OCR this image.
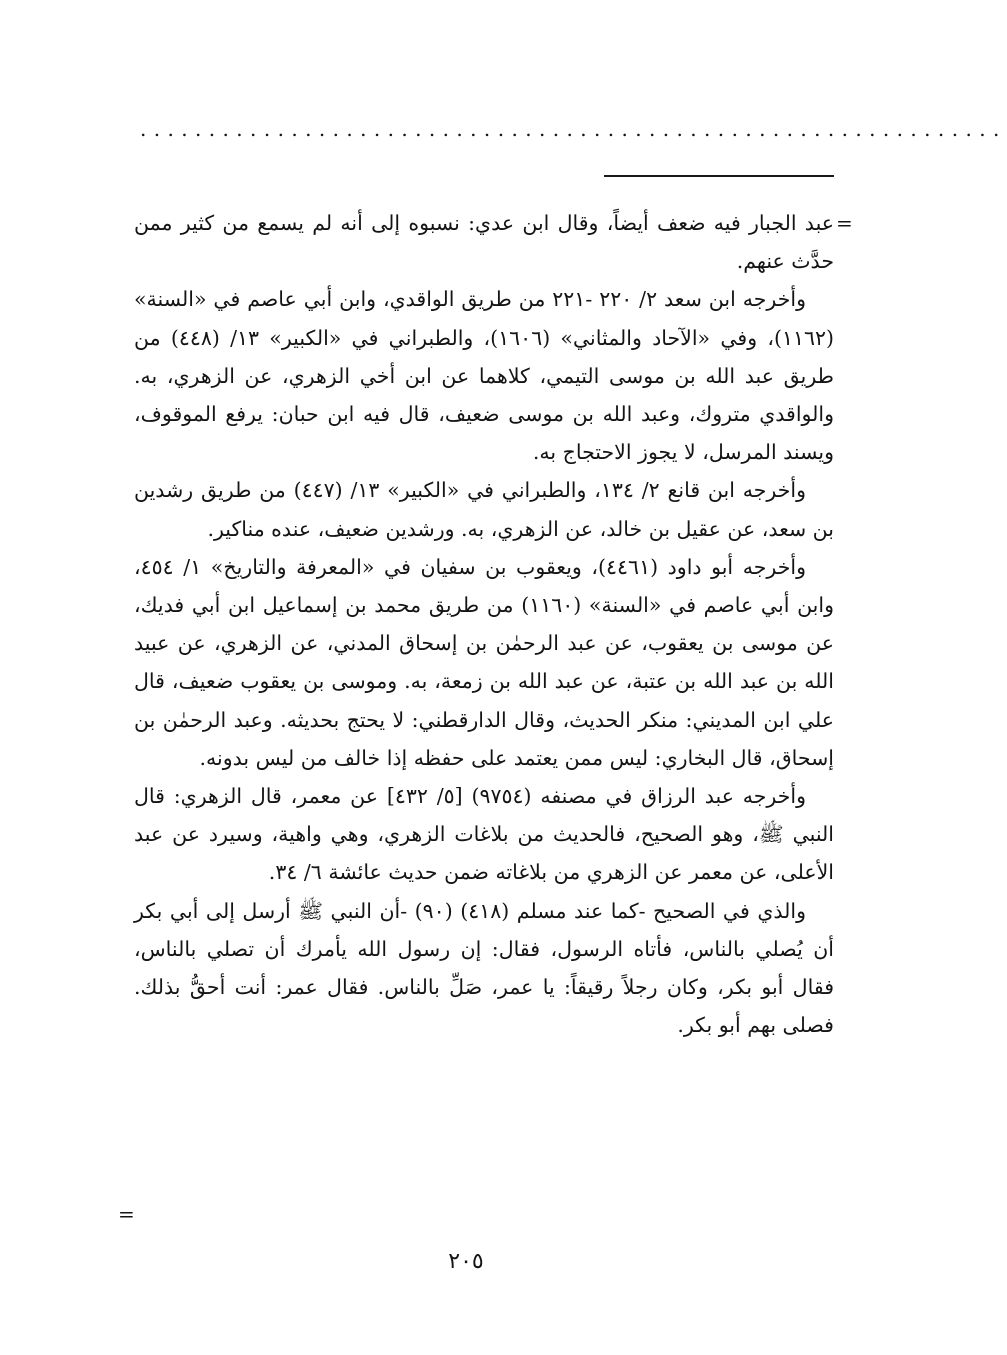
...............................................................
=

عبد الجبار فيه ضعف أيضاً، وقال ابن عدي: نسبوه إلى أنه لم يسمع من كثير ممن حدَّث عنهم.

وأخرجه ابن سعد ٢/ ٢٢٠ -٢٢١ من طريق الواقدي، وابن أبي عاصم في «السنة» (١١٦٢)، وفي «الآحاد والمثاني» (١٦٠٦)، والطبراني في «الكبير» ١٣/ (٤٤٨) من طريق عبد الله بن موسى التيمي، كلاهما عن ابن أخي الزهري، عن الزهري، به. والواقدي متروك، وعبد الله بن موسى ضعيف، قال فيه ابن حبان: يرفع الموقوف، ويسند المرسل، لا يجوز الاحتجاج به.

وأخرجه ابن قانع ٢/ ١٣٤، والطبراني في «الكبير» ١٣/ (٤٤٧) من طريق رشدين بن سعد، عن عقيل بن خالد، عن الزهري، به. ورشدين ضعيف، عنده مناكير.

وأخرجه أبو داود (٤٤٦١)، ويعقوب بن سفيان في «المعرفة والتاريخ» ١/ ٤٥٤، وابن أبي عاصم في «السنة» (١١٦٠) من طريق محمد بن إسماعيل ابن أبي فديك، عن موسى بن يعقوب، عن عبد الرحمٰن بن إسحاق المدني، عن الزهري، عن عبيد الله بن عبد الله بن عتبة، عن عبد الله بن زمعة، به. وموسى بن يعقوب ضعيف، قال علي ابن المديني: منكر الحديث، وقال الدارقطني: لا يحتج بحديثه. وعبد الرحمٰن بن إسحاق، قال البخاري: ليس ممن يعتمد على حفظه إذا خالف من ليس بدونه.

وأخرجه عبد الرزاق في مصنفه (٩٧٥٤) [٥/ ٤٣٢] عن معمر، قال الزهري: قال النبي ﷺ، وهو الصحيح، فالحديث من بلاغات الزهري، وهي واهية، وسيرد عن عبد الأعلى، عن معمر عن الزهري من بلاغاته ضمن حديث عائشة ٦/ ٣٤.

والذي في الصحيح -كما عند مسلم (٤١٨) (٩٠) -أن النبي ﷺ أرسل إلى أبي بكر أن يُصلي بالناس، فأتاه الرسول، فقال: إن رسول الله يأمرك أن تصلي بالناس، فقال أبو بكر، وكان رجلاً رقيقاً: يا عمر، صَلِّ بالناس. فقال عمر: أنت أحقُّ بذلك. فصلى بهم أبو بكر.

=
٢٠٥
